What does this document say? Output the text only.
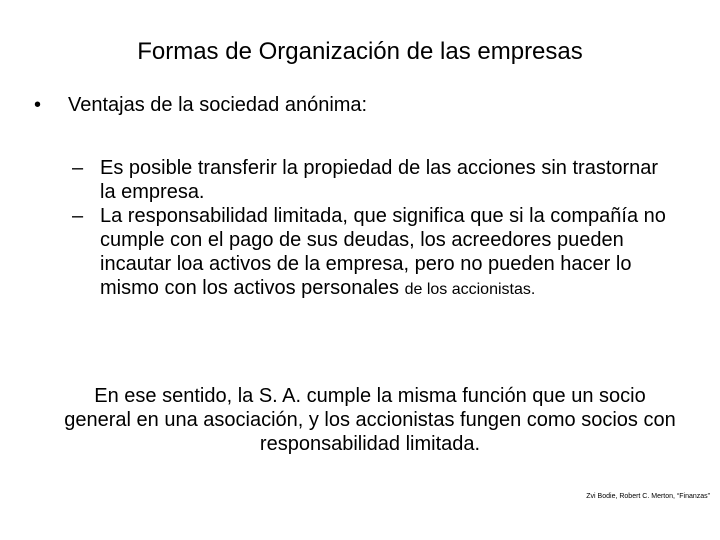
Formas de Organización de las empresas
• Ventajas de la sociedad anónima:

– Es posible transferir la propiedad de las acciones sin trastornar la empresa.

– La responsabilidad limitada, que significa que si la compañía no cumple con el pago de sus deudas, los acreedores pueden incautar loa activos de la empresa, pero no pueden hacer lo mismo con los activos personales de los accionistas.

En ese sentido, la S. A. cumple la misma función que un socio general en una asociación, y los accionistas fungen como socios con responsabilidad limitada.
Zvi Bodie, Robert C. Merton, “Finanzas”
